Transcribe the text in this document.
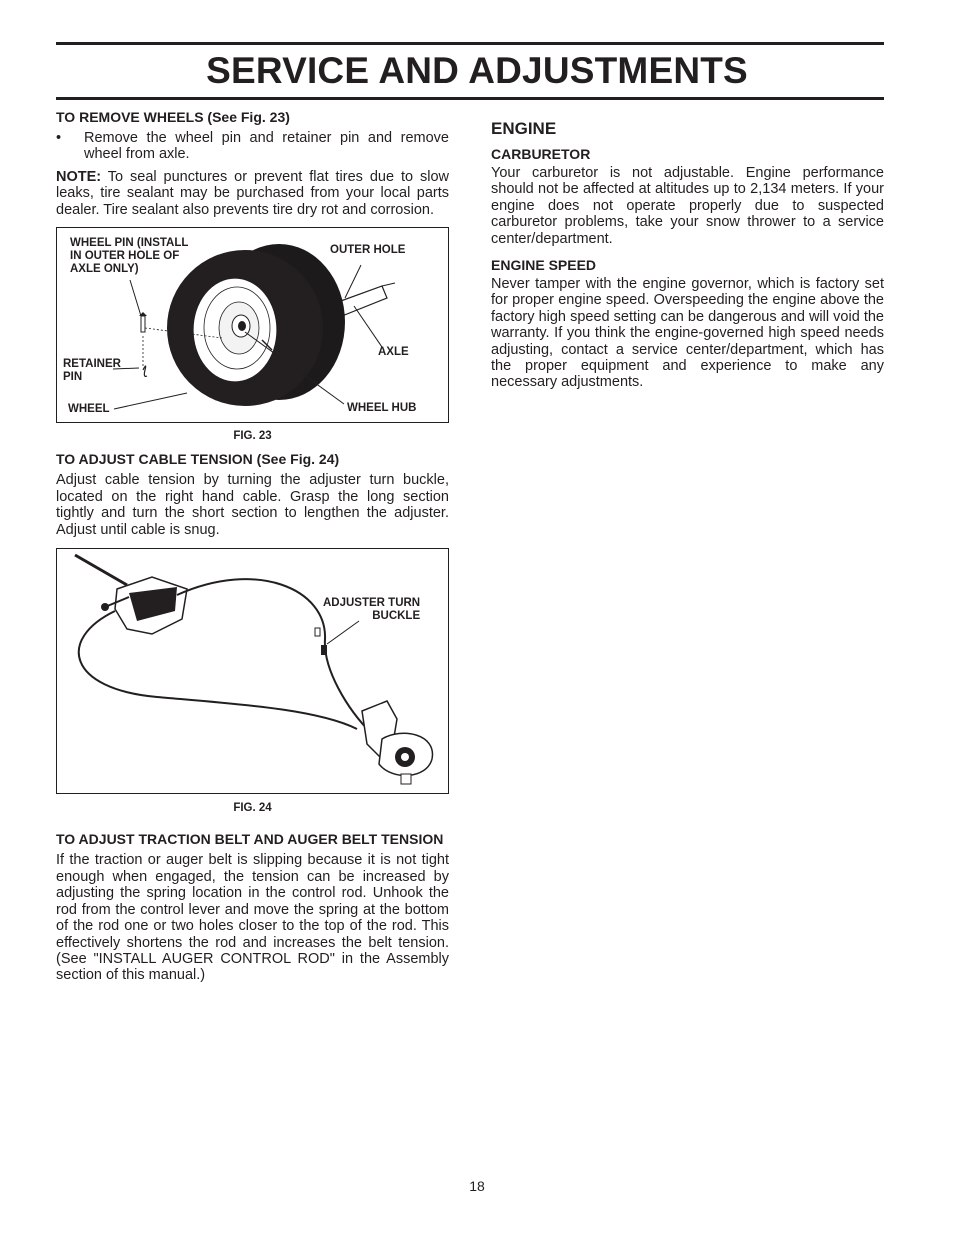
SERVICE AND ADJUSTMENTS
TO REMOVE WHEELS (See Fig. 23)
•	Remove the wheel pin and retainer pin and remove wheel from axle.

NOTE: To seal punctures or prevent flat tires due to slow leaks, tire sealant may be purchased from your local parts dealer. Tire sealant also prevents tire dry rot and corrosion.

WHEEL PIN (INSTALL
IN OUTER HOLE OF
AXLE ONLY)
OUTER HOLE
AXLE
RETAINER
PIN
WHEEL	WHEEL HUB
FIG. 23
TO ADJUST CABLE TENSION (See Fig. 24)

Adjust cable tension by turning the adjuster turn buckle, located on the right hand cable. Grasp the long section tightly and turn the short section to lengthen the adjuster. Adjust until cable is snug.

ADJUSTER TURN
BUCKLE
FIG. 24
TO ADJUST TRACTION BELT AND AUGER BELT TENSION

If the traction or auger belt is slipping because it is not tight enough when engaged, the tension can be increased by adjusting the spring location in the control rod. Unhook the rod from the control lever and move the spring at the bottom of the rod one or two holes closer to the top of the rod. This effectively shortens the rod and increases the belt tension. (See "INSTALL AUGER CONTROL ROD" in the Assembly section of this manual.)

ENGINE
CARBURETOR

Your carburetor is not adjustable. Engine performance should not be affected at altitudes up to 2,134 meters. If your engine does not operate properly due to suspected carburetor problems, take your snow thrower to a service center/department.

ENGINE SPEED

Never tamper with the engine governor, which is factory set for proper engine speed. Overspeeding the engine above the factory high speed setting can be dangerous and will void the warranty. If you think the engine-governed high speed needs adjusting, contact a service center/department, which has the proper equipment and experience to make any necessary adjustments.

18
